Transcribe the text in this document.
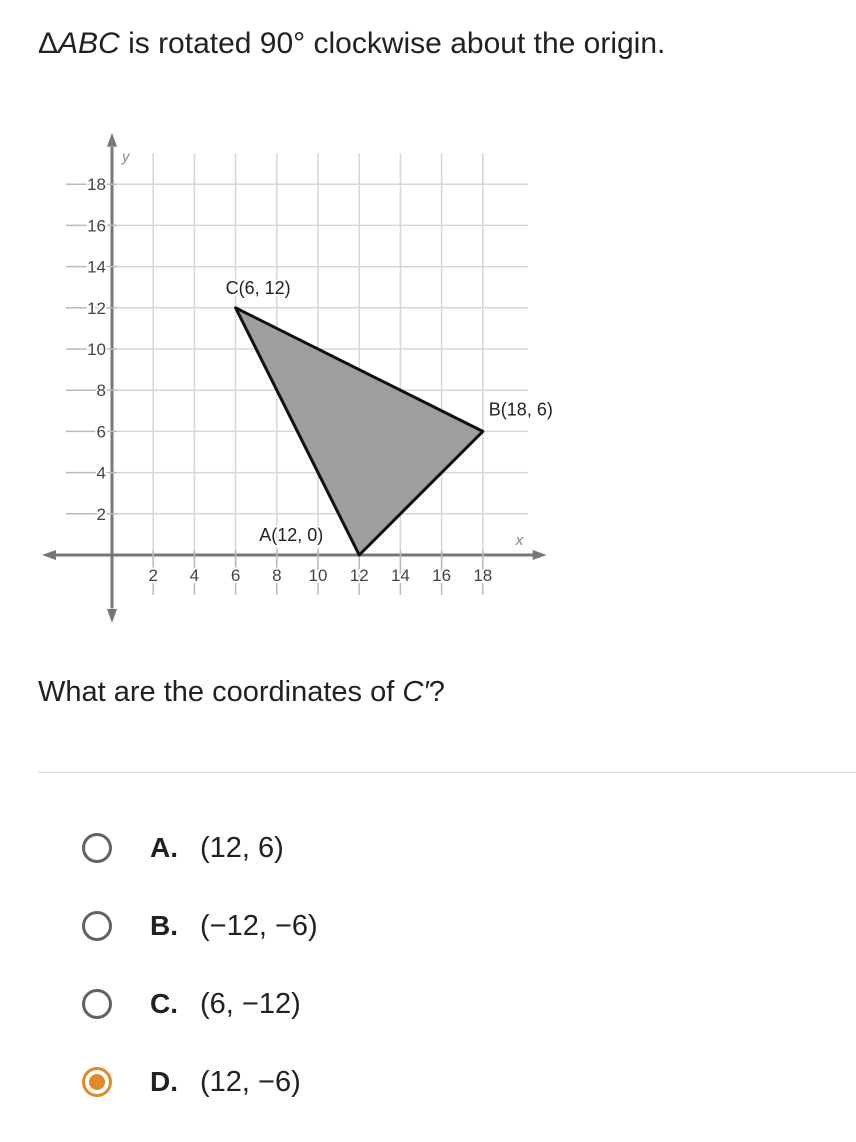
ΔABC is rotated 90° clockwise about the origin.
2 4 6 8 10 12 14 16 18
18
16
14
12
10
8
6
4
2
x
y
A(12, 0)
B(18, 6)
C(6, 12)
What are the coordinates of C′?
A. (12, 6)
B. (−12, −6)
C. (6, −12)
D. (12, −6)
